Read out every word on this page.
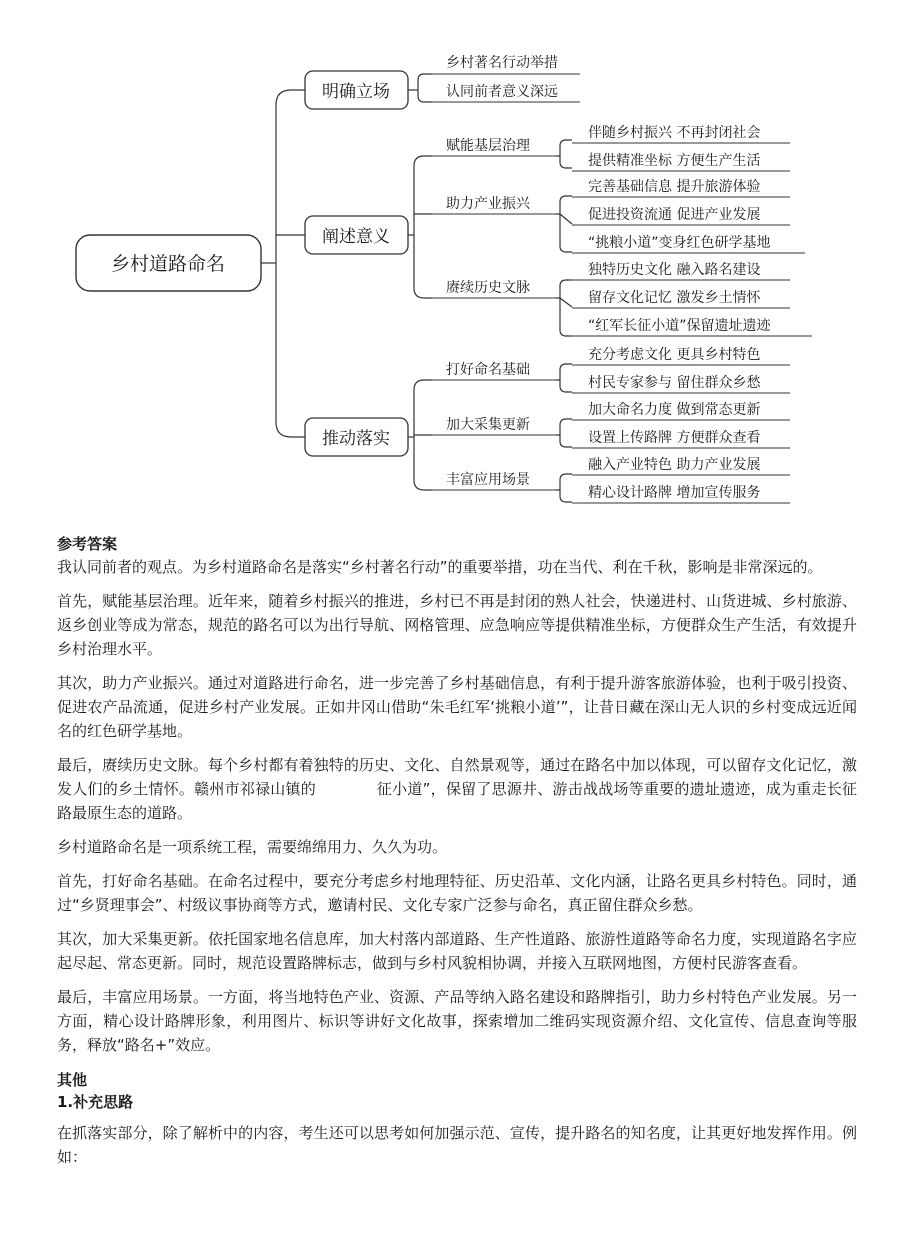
乡村道路命名
明确立场
乡村著名行动举措
认同前者意义深远
阐述意义
赋能基层治理
伴随乡村振兴 不再封闭社会
提供精准坐标 方便生产生活
助力产业振兴
完善基础信息 提升旅游体验
促进投资流通 促进产业发展
“挑粮小道”变身红色研学基地
赓续历史文脉
独特历史文化 融入路名建设
留存文化记忆 激发乡土情怀
“红军长征小道”保留遗址遗迹
推动落实
打好命名基础
充分考虑文化 更具乡村特色
村民专家参与 留住群众乡愁
加大采集更新
加大命名力度 做到常态更新
设置上传路牌 方便群众查看
丰富应用场景
融入产业特色 助力产业发展
精心设计路牌 增加宣传服务
参考答案

我认同前者的观点。为乡村道路命名是落实“乡村著名行动”的重要举措，功在当代、利在千秋，影响是非常深远的。

首先，赋能基层治理。近年来，随着乡村振兴的推进，乡村已不再是封闭的熟人社会，快递进村、山货进城、乡村旅游、返乡创业等成为常态，规范的路名可以为出行导航、网格管理、应急响应等提供精准坐标，方便群众生产生活，有效提升乡村治理水平。

其次，助力产业振兴。通过对道路进行命名，进一步完善了乡村基础信息，有利于提升游客旅游体验，也利于吸引投资、促进农产品流通，促进乡村产业发展。正如井冈山借助“朱毛红军‘挑粮小道’”，让昔日藏在深山无人识的乡村变成远近闻名的红色研学基地。

最后，赓续历史文脉。每个乡村都有着独特的历史、文化、自然景观等，通过在路名中加以体现，可以留存文化记忆，激发人们的乡土情怀。赣州市祁禄山镇的　　　　征小道”，保留了思源井、游击战战场等重要的遗址遗迹，成为重走长征路最原生态的道路。

乡村道路命名是一项系统工程，需要绵绵用力、久久为功。

首先，打好命名基础。在命名过程中，要充分考虑乡村地理特征、历史沿革、文化内涵，让路名更具乡村特色。同时，通过“乡贤理事会”、村级议事协商等方式，邀请村民、文化专家广泛参与命名，真正留住群众乡愁。

其次，加大采集更新。依托国家地名信息库，加大村落内部道路、生产性道路、旅游性道路等命名力度，实现道路名字应起尽起、常态更新。同时，规范设置路牌标志，做到与乡村风貌相协调，并接入互联网地图，方便村民游客查看。

最后，丰富应用场景。一方面，将当地特色产业、资源、产品等纳入路名建设和路牌指引，助力乡村特色产业发展。另一方面，精心设计路牌形象，利用图片、标识等讲好文化故事，探索增加二维码实现资源介绍、文化宣传、信息查询等服务，释放“路名+”效应。

其他
1.补充思路

在抓落实部分，除了解析中的内容，考生还可以思考如何加强示范、宣传，提升路名的知名度，让其更好地发挥作用。例如：
